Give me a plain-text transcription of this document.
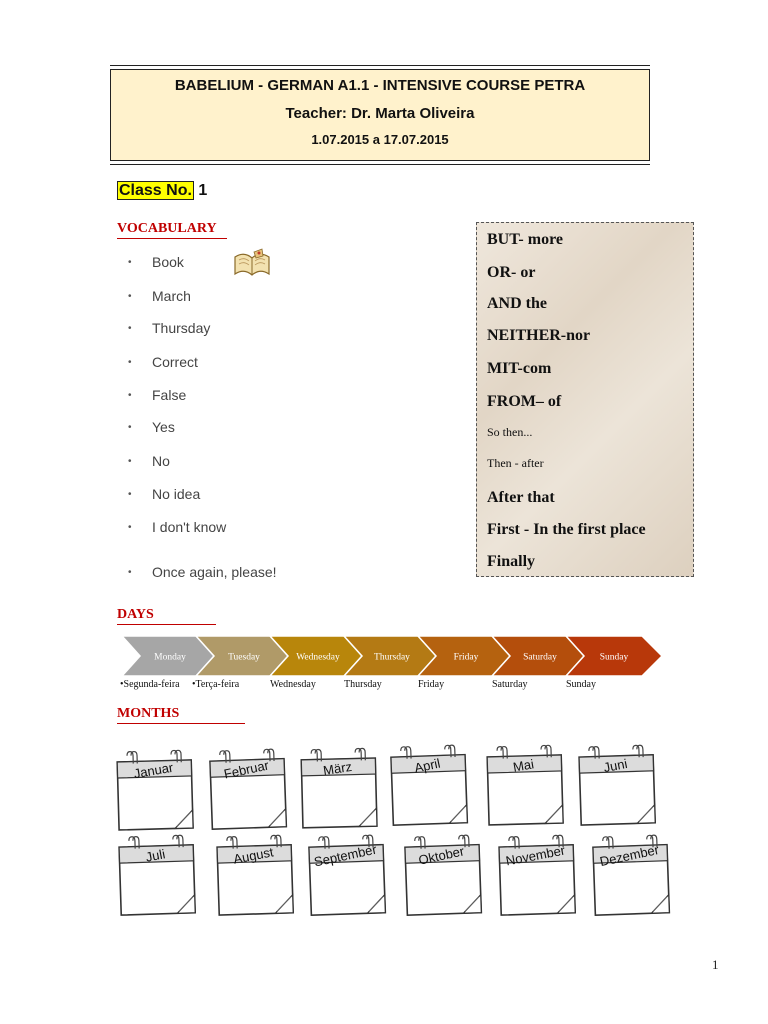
BABELIUM - GERMAN A1.1 - INTENSIVE COURSE PETRA
Teacher: Dr. Marta Oliveira
1.07.2015 a 17.07.2015
Class No. 1
VOCABULARY
• Book
• March
• Thursday
• Correct
• False
• Yes
• No
• No idea
• I don't know
• Once again, please!
BUT- more
OR- or
AND the
NEITHER-nor
MIT-com
FROM– of
So then...
Then - after
After that
First - In the first place
Finally
DAYS
Monday	Tuesday	Wednesday	Thursday	Friday	Saturday	Sunday
•Segunda-feira •Terça-feira	Wednesday	Thursday	Friday	Saturday	Sunday
MONTHS
Januar	Februar	März	April	Mai	Juni
Juli	August	September	Oktober	November	Dezember
1
